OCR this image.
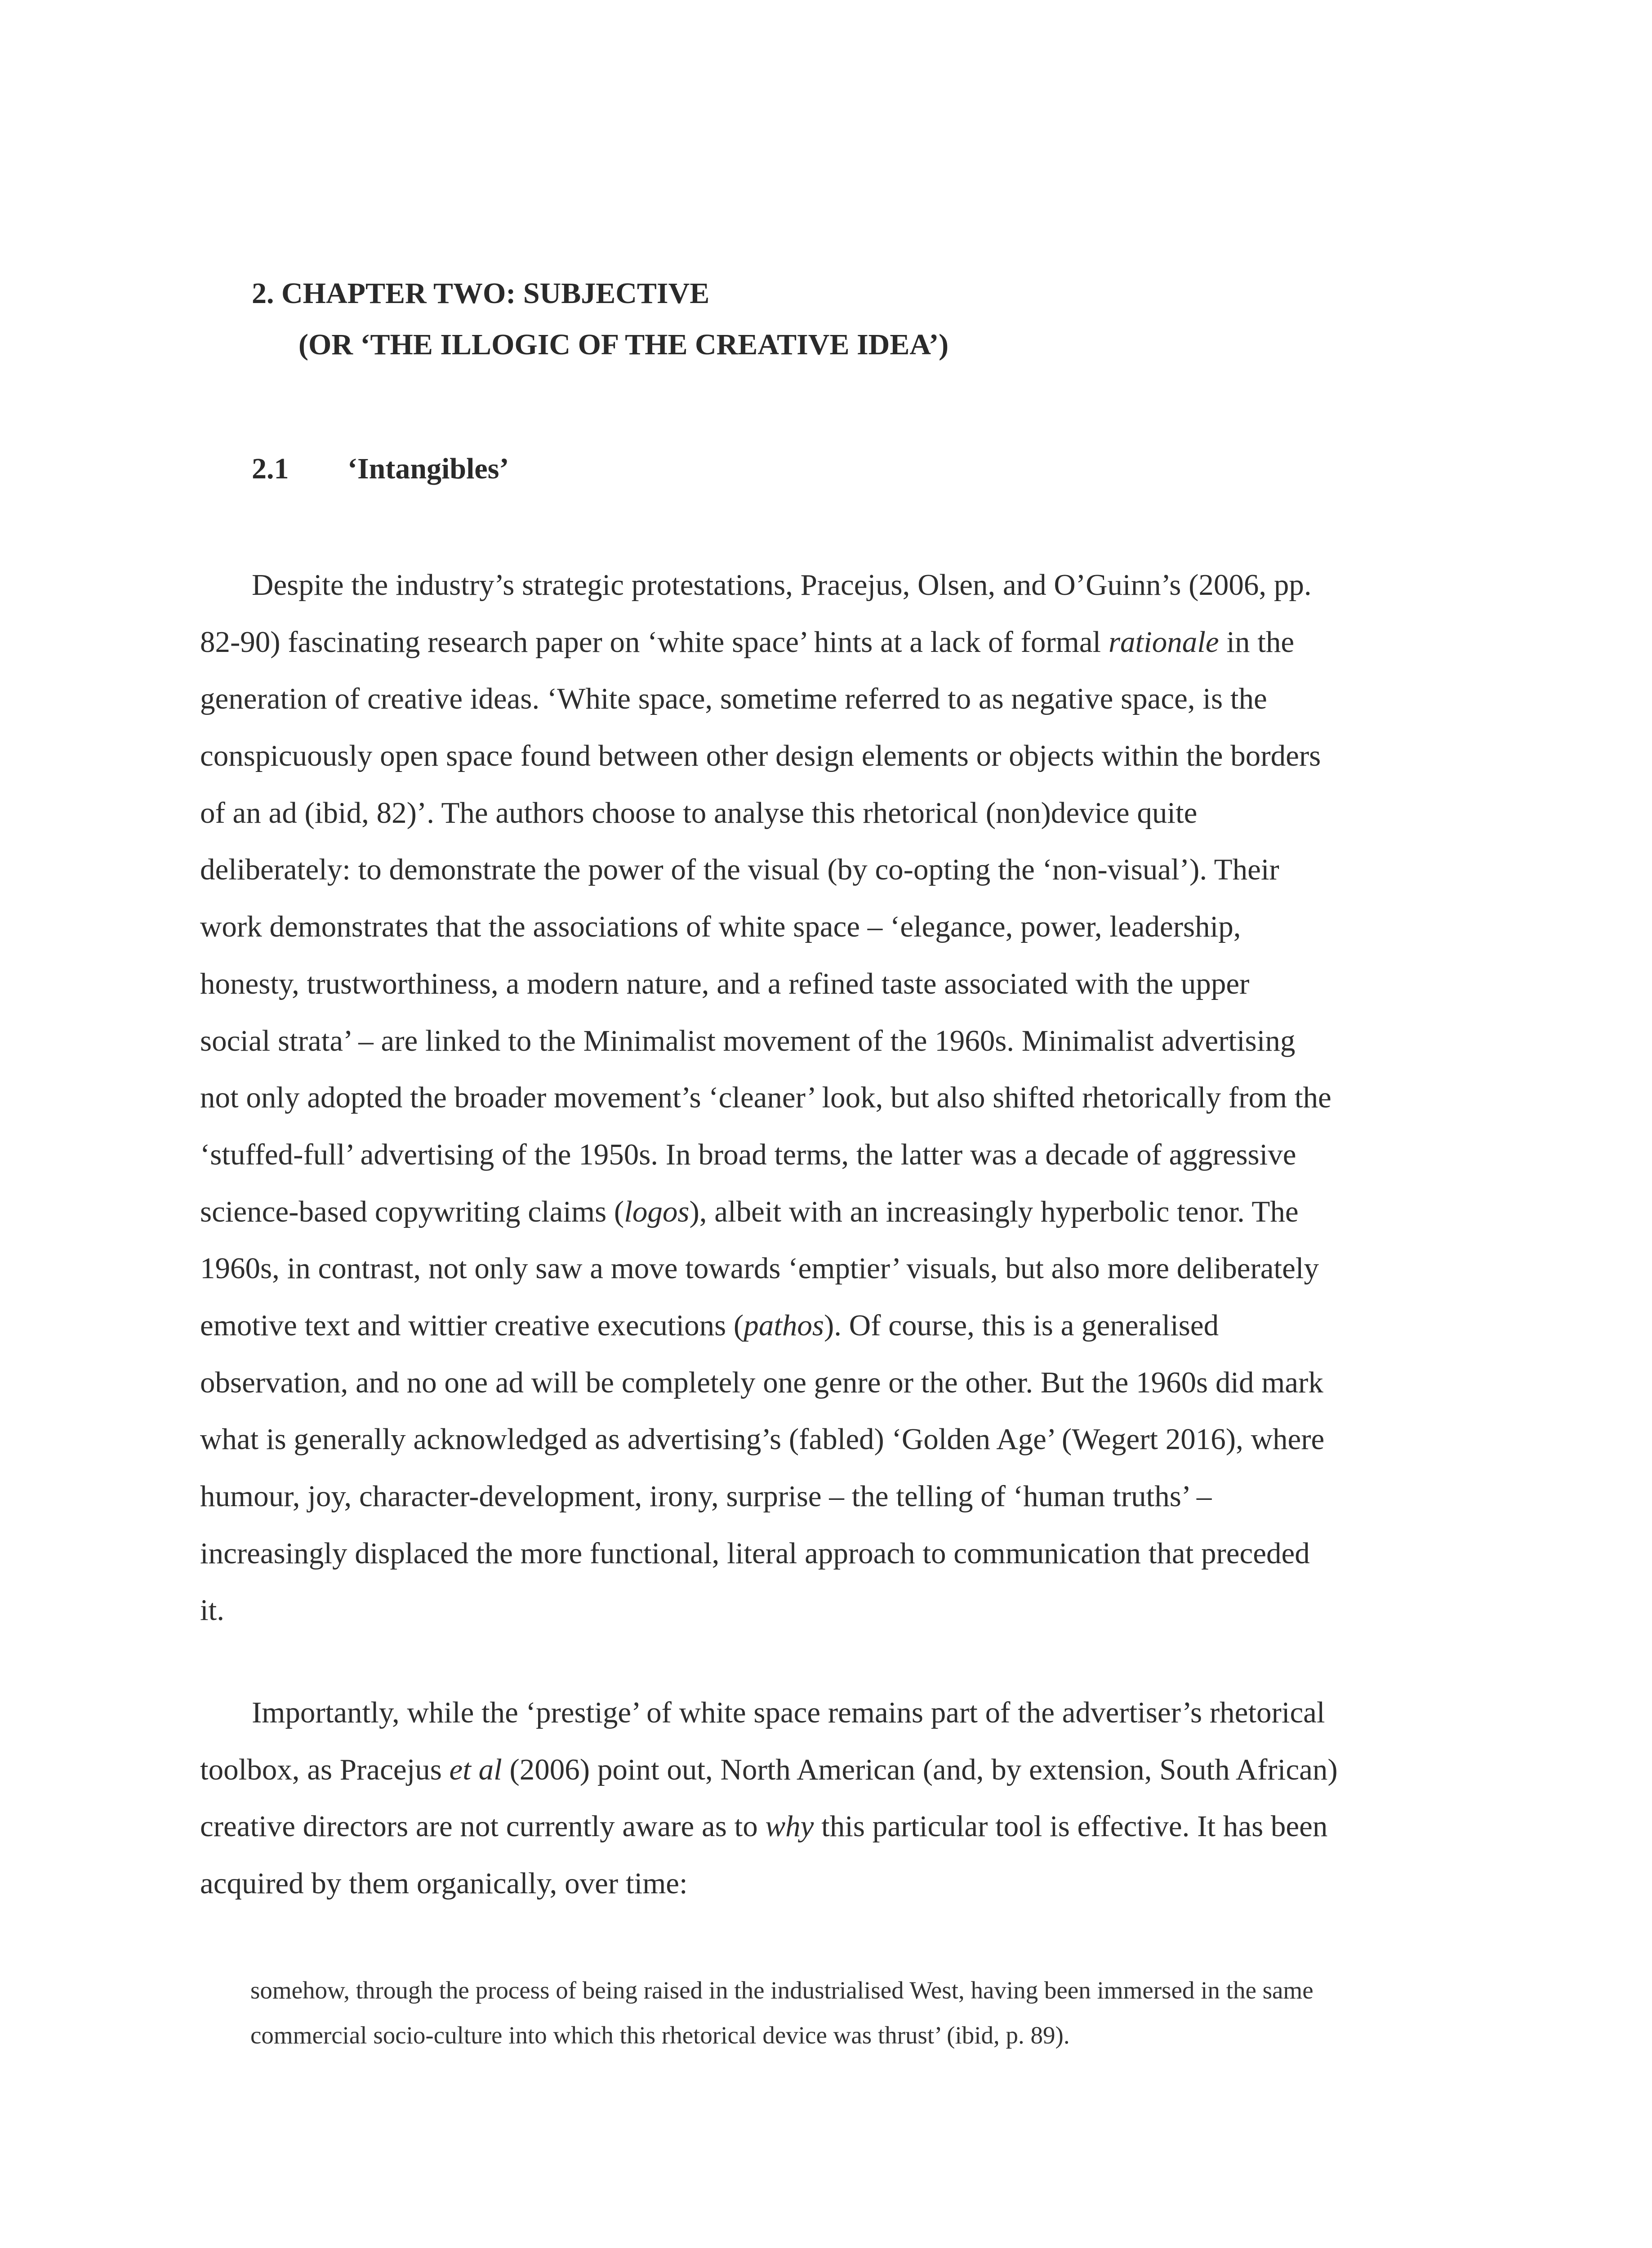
2. CHAPTER TWO: SUBJECTIVE
(OR ‘THE ILLOGIC OF THE CREATIVE IDEA’)
2.1 ‘Intangibles’
Despite the industry’s strategic protestations, Pracejus, Olsen, and O’Guinn’s (2006, pp.
82-90) fascinating research paper on ‘white space’ hints at a lack of formal rationale in the
generation of creative ideas. ‘White space, sometime referred to as negative space, is the
conspicuously open space found between other design elements or objects within the borders
of an ad (ibid, 82)’. The authors choose to analyse this rhetorical (non)device quite
deliberately: to demonstrate the power of the visual (by co-opting the ‘non-visual’). Their
work demonstrates that the associations of white space – ‘elegance, power, leadership,
honesty, trustworthiness, a modern nature, and a refined taste associated with the upper
social strata’ – are linked to the Minimalist movement of the 1960s. Minimalist advertising
not only adopted the broader movement’s ‘cleaner’ look, but also shifted rhetorically from the
‘stuffed-full’ advertising of the 1950s. In broad terms, the latter was a decade of aggressive
science-based copywriting claims (logos), albeit with an increasingly hyperbolic tenor. The
1960s, in contrast, not only saw a move towards ‘emptier’ visuals, but also more deliberately
emotive text and wittier creative executions (pathos). Of course, this is a generalised
observation, and no one ad will be completely one genre or the other. But the 1960s did mark
what is generally acknowledged as advertising’s (fabled) ‘Golden Age’ (Wegert 2016), where
humour, joy, character-development, irony, surprise – the telling of ‘human truths’ –
increasingly displaced the more functional, literal approach to communication that preceded
it.
Importantly, while the ‘prestige’ of white space remains part of the advertiser’s rhetorical
toolbox, as Pracejus et al (2006) point out, North American (and, by extension, South African)
creative directors are not currently aware as to why this particular tool is effective. It has been
acquired by them organically, over time:
somehow, through the process of being raised in the industrialised West, having been immersed in the same
commercial socio-culture into which this rhetorical device was thrust’ (ibid, p. 89).
